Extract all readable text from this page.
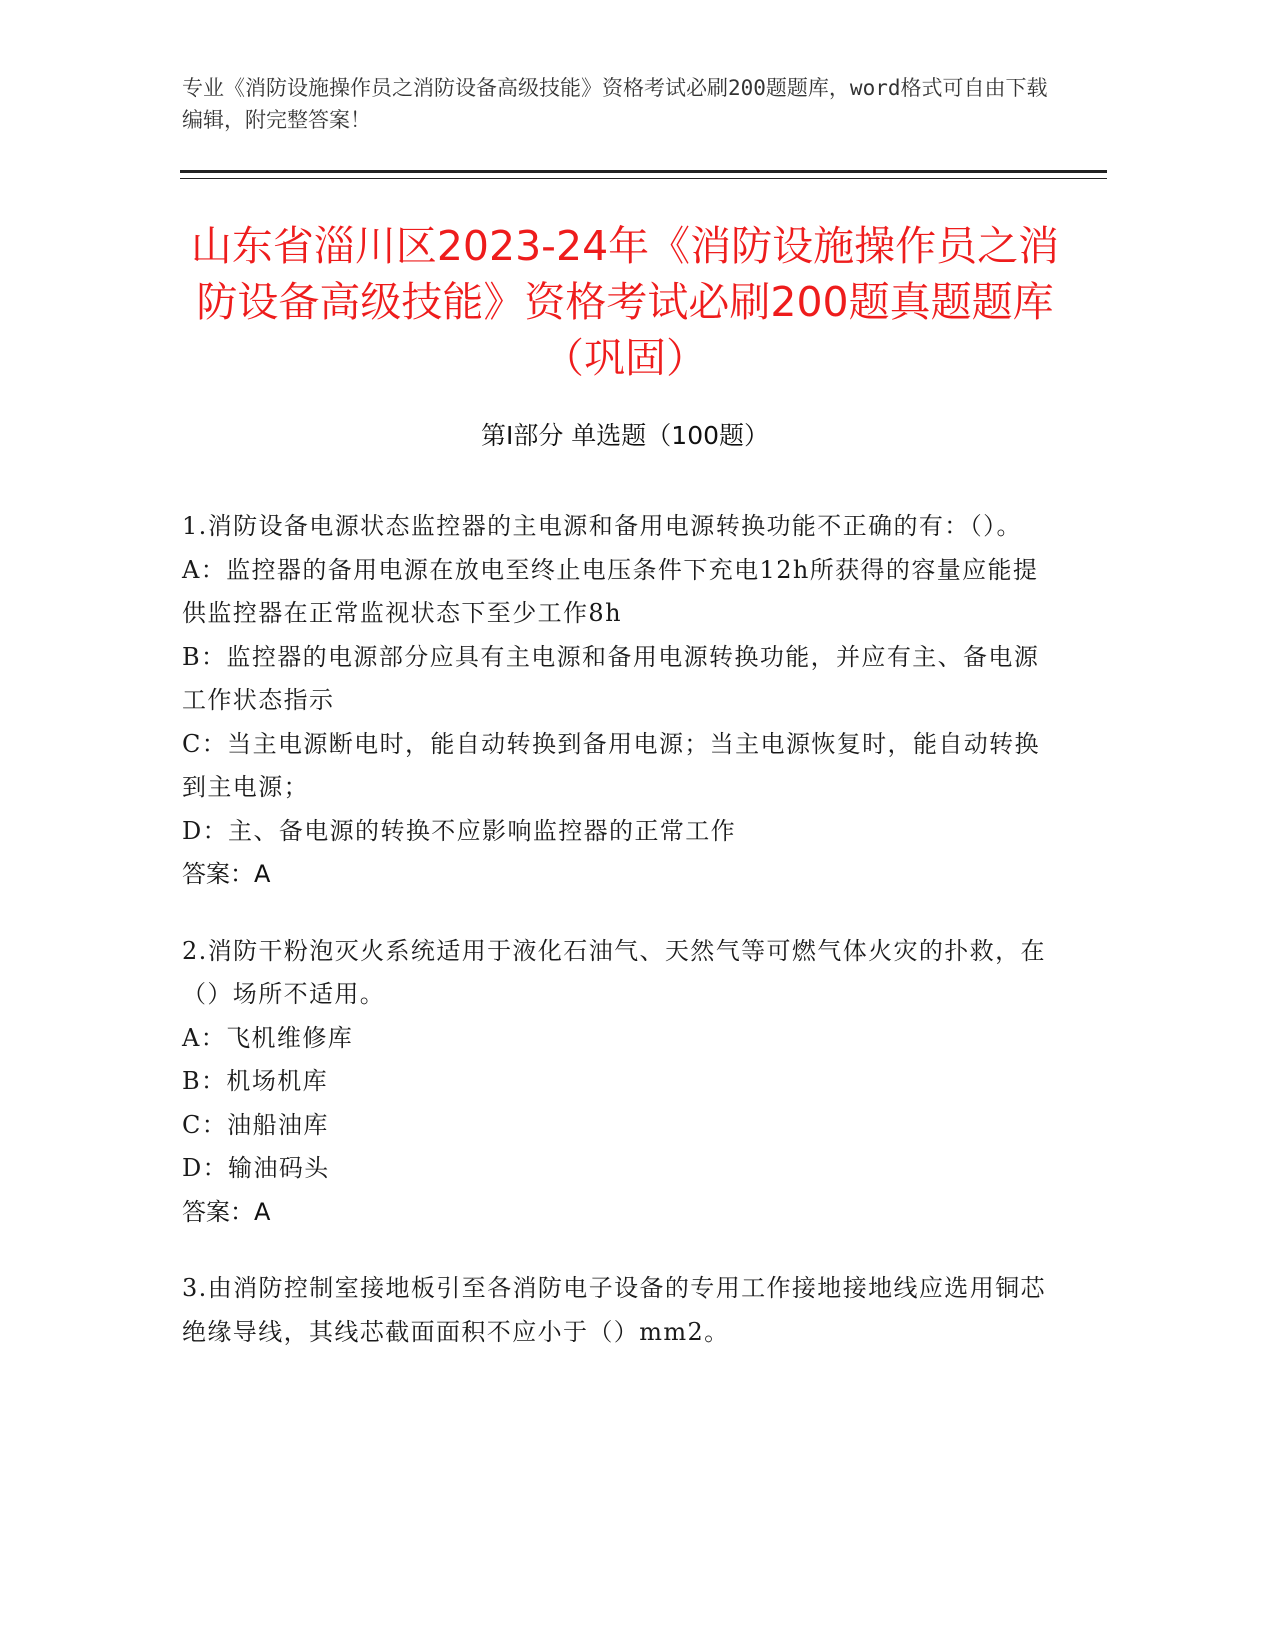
专业《消防设施操作员之消防设备高级技能》资格考试必刷200题题库，word格式可自由下载编辑，附完整答案！
山东省淄川区2023-24年《消防设施操作员之消防设备高级技能》资格考试必刷200题真题题库（巩固）
第Ⅰ部分 单选题（100题）
1.消防设备电源状态监控器的主电源和备用电源转换功能不正确的有：（）。
A：监控器的备用电源在放电至终止电压条件下充电12h所获得的容量应能提供监控器在正常监视状态下至少工作8h
B：监控器的电源部分应具有主电源和备用电源转换功能，并应有主、备电源工作状态指示
C：当主电源断电时，能自动转换到备用电源；当主电源恢复时，能自动转换到主电源；
D：主、备电源的转换不应影响监控器的正常工作
答案：A
2.消防干粉泡灭火系统适用于液化石油气、天然气等可燃气体火灾的扑救，在（）场所不适用。
A：飞机维修库
B：机场机库
C：油船油库
D：输油码头
答案：A
3.由消防控制室接地板引至各消防电子设备的专用工作接地接地线应选用铜芯绝缘导线，其线芯截面面积不应小于（）mm2。
